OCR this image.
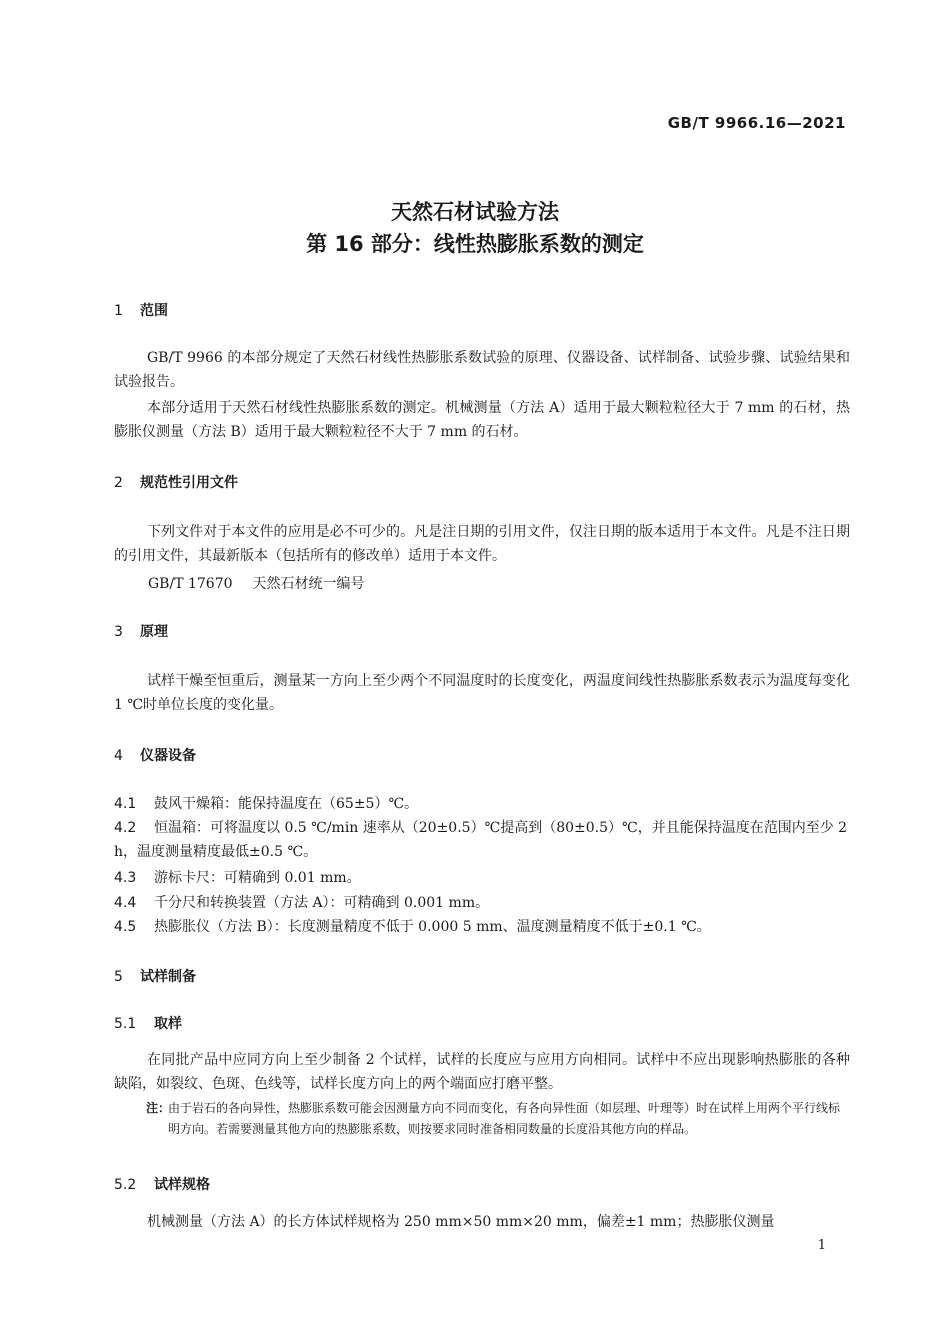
GB/T 9966.16—2021
天然石材试验方法
第 16 部分：线性热膨胀系数的测定
1 范围
GB/T 9966 的本部分规定了天然石材线性热膨胀系数试验的原理、仪器设备、试样制备、试验步骤、试验结果和试验报告。
本部分适用于天然石材线性热膨胀系数的测定。机械测量（方法 A）适用于最大颗粒粒径大于 7 mm 的石材，热膨胀仪测量（方法 B）适用于最大颗粒粒径不大于 7 mm 的石材。
2 规范性引用文件
下列文件对于本文件的应用是必不可少的。凡是注日期的引用文件，仅注日期的版本适用于本文件。凡是不注日期的引用文件，其最新版本（包括所有的修改单）适用于本文件。
GB/T 17670 天然石材统一编号
3 原理
试样干燥至恒重后，测量某一方向上至少两个不同温度时的长度变化，两温度间线性热膨胀系数表示为温度每变化 1 ℃时单位长度的变化量。
4 仪器设备
4.1 鼓风干燥箱：能保持温度在（65±5）℃。
4.2 恒温箱：可将温度以 0.5 ℃/min 速率从（20±0.5）℃提高到（80±0.5）℃，并且能保持温度在范围内至少 2 h，温度测量精度最低±0.5 ℃。
4.3 游标卡尺：可精确到 0.01 mm。
4.4 千分尺和转换装置（方法 A）：可精确到 0.001 mm。
4.5 热膨胀仪（方法 B）：长度测量精度不低于 0.000 5 mm、温度测量精度不低于±0.1 ℃。
5 试样制备
5.1 取样
在同批产品中应同方向上至少制备 2 个试样，试样的长度应与应用方向相同。试样中不应出现影响热膨胀的各种缺陷，如裂纹、色斑、色线等，试样长度方向上的两个端面应打磨平整。
注：
由于岩石的各向异性，热膨胀系数可能会因测量方向不同而变化，有各向异性面（如层理、叶理等）时在试样上用两个平行线标明方向。若需要测量其他方向的热膨胀系数，则按要求同时准备相同数量的长度沿其他方向的样品。
5.2 试样规格
机械测量（方法 A）的长方体试样规格为 250 mm×50 mm×20 mm，偏差±1 mm；热膨胀仪测量
1
